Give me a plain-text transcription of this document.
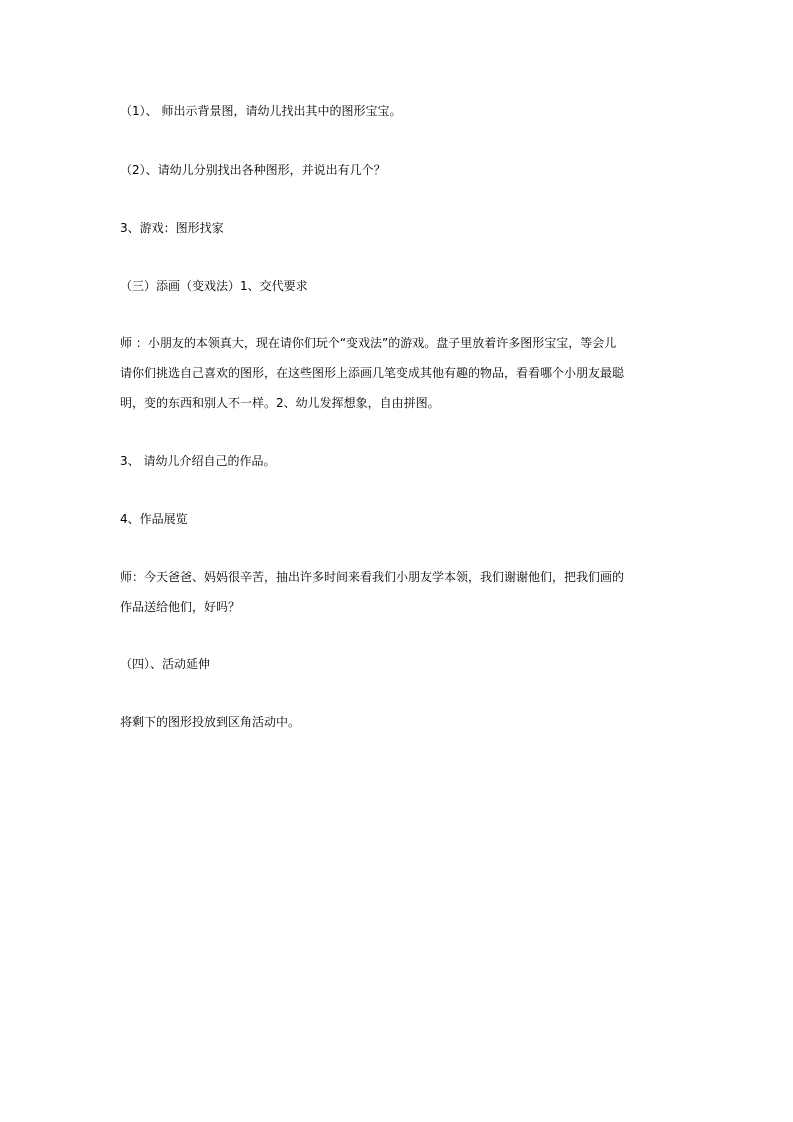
（1）、 师出示背景图，请幼儿找出其中的图形宝宝。
（2）、请幼儿分别找出各种图形，并说出有几个？
3、游戏：图形找家
（三）添画（变戏法）1、交代要求
师 ：小朋友的本领真大，现在请你们玩个“变戏法”的游戏。盘子里放着许多图形宝宝，等会儿
请你们挑选自己喜欢的图形，在这些图形上添画几笔变成其他有趣的物品，看看哪个小朋友最聪
明，变的东西和别人不一样。2、幼儿发挥想象，自由拼图。
3、 请幼儿介绍自己的作品。
4、作品展览
师：今天爸爸、妈妈很辛苦，抽出许多时间来看我们小朋友学本领，我们谢谢他们，把我们画的
作品送给他们，好吗？
（四）、活动延伸
将剩下的图形投放到区角活动中。
